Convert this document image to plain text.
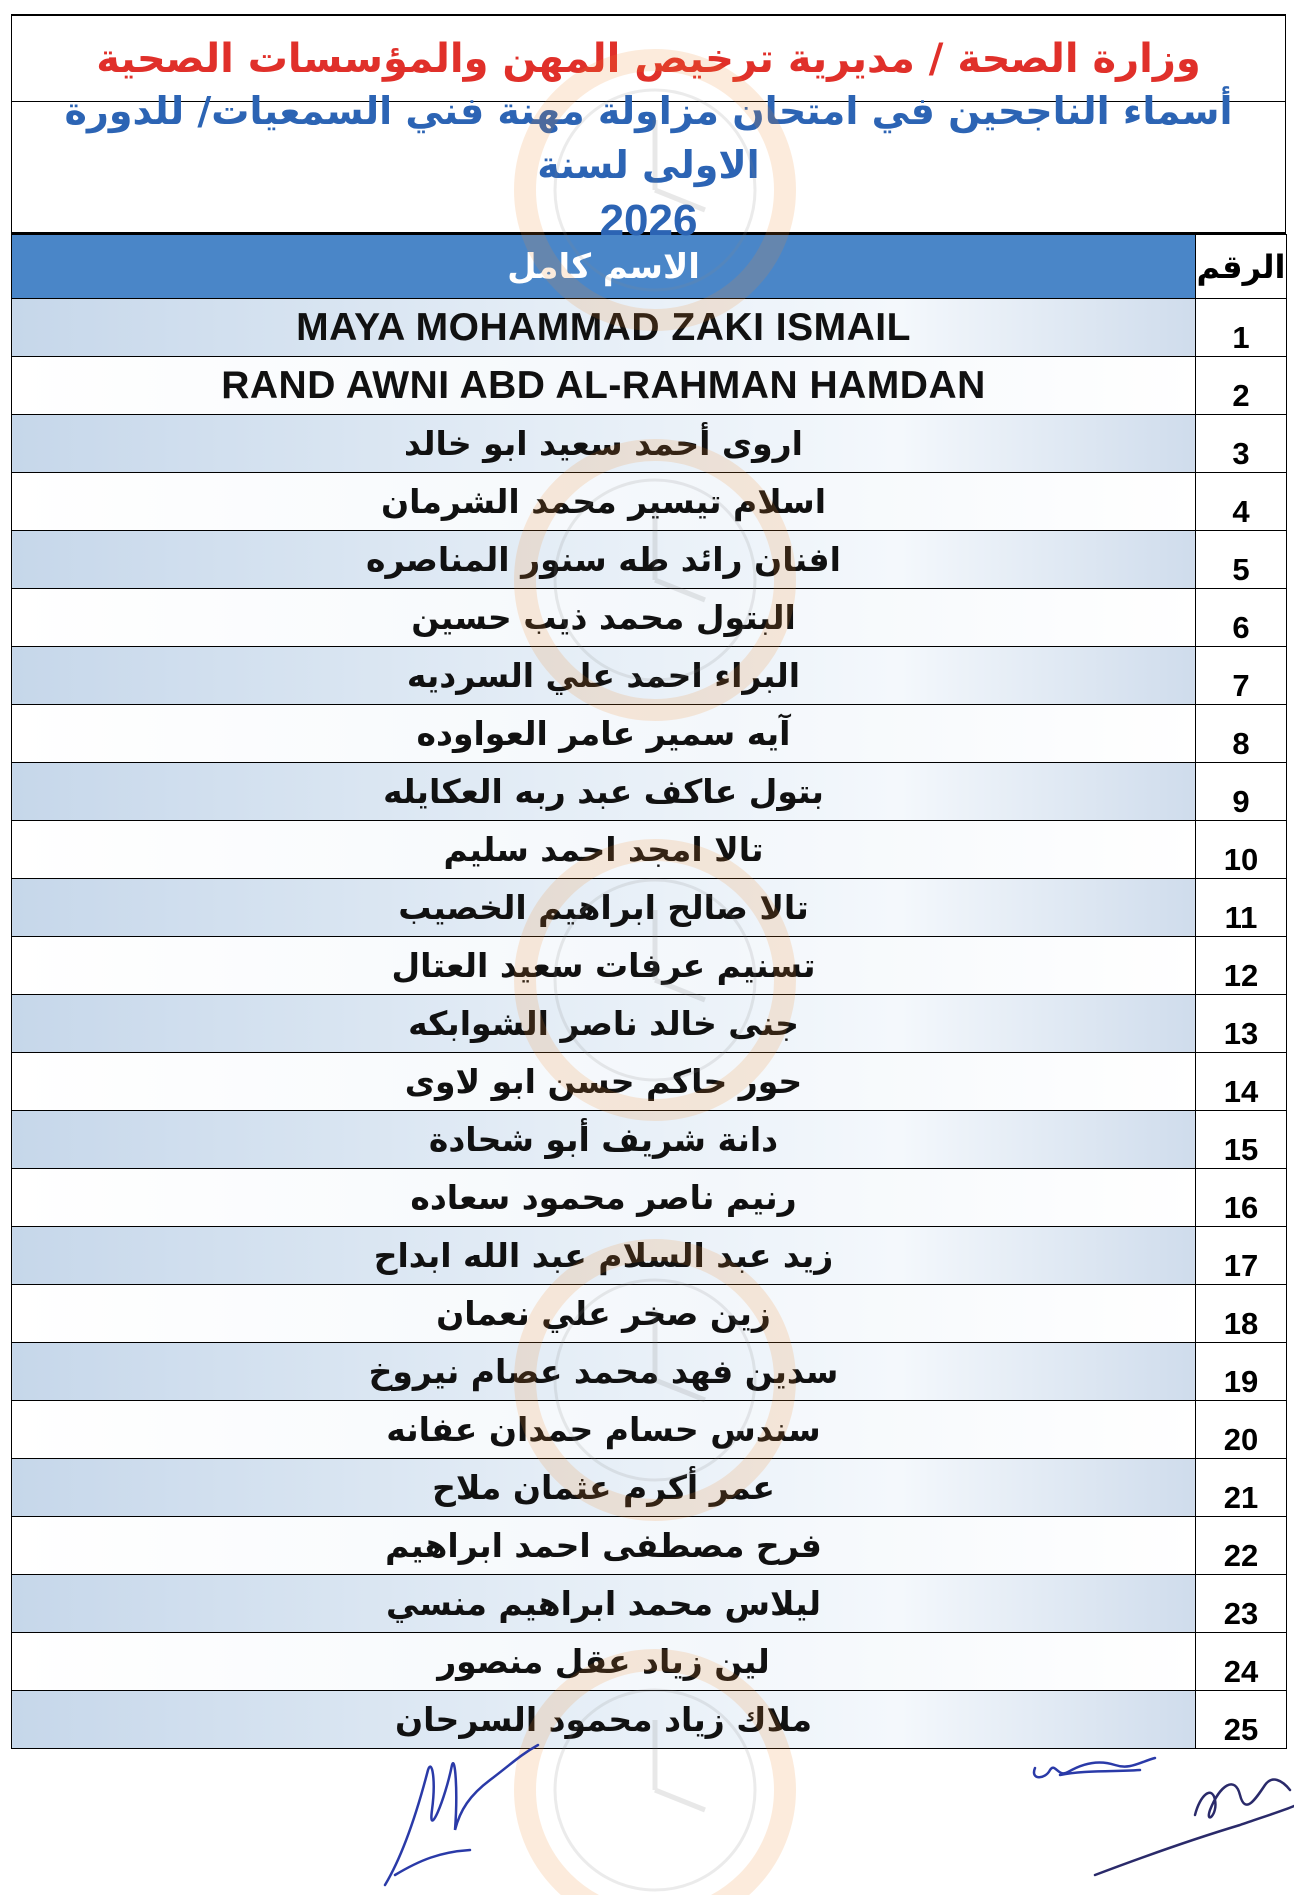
وزارة الصحة / مديرية ترخيص المهن والمؤسسات الصحية
أسماء الناجحين في امتحان مزاولة مهنة فني السمعيات/ للدورة الاولى لسنة
2026
الاسم كامل	الرقم
MAYA MOHAMMAD ZAKI ISMAIL	1
RAND AWNI ABD AL-RAHMAN HAMDAN	2
اروى أحمد سعيد ابو خالد	3
اسلام تيسير محمد الشرمان	4
افنان رائد طه سنور المناصره	5
البتول محمد ذيب حسين	6
البراء احمد علي السرديه	7
آيه سمير عامر العواوده	8
بتول عاكف عبد ربه العكايله	9
تالا امجد احمد سليم	10
تالا صالح ابراهيم الخصيب	11
تسنيم عرفات سعيد العتال	12
جنى خالد ناصر الشوابكه	13
حور حاكم حسن ابو لاوى	14
دانة شريف أبو شحادة	15
رنيم ناصر محمود سعاده	16
زيد عبد السلام عبد الله ابداح	17
زين صخر علي نعمان	18
سدين فهد محمد عصام نيروخ	19
سندس حسام حمدان عفانه	20
عمر أكرم عثمان ملاح	21
فرح مصطفى احمد ابراهيم	22
ليلاس محمد ابراهيم منسي	23
لين زياد عقل منصور	24
ملاك زياد محمود السرحان	25
